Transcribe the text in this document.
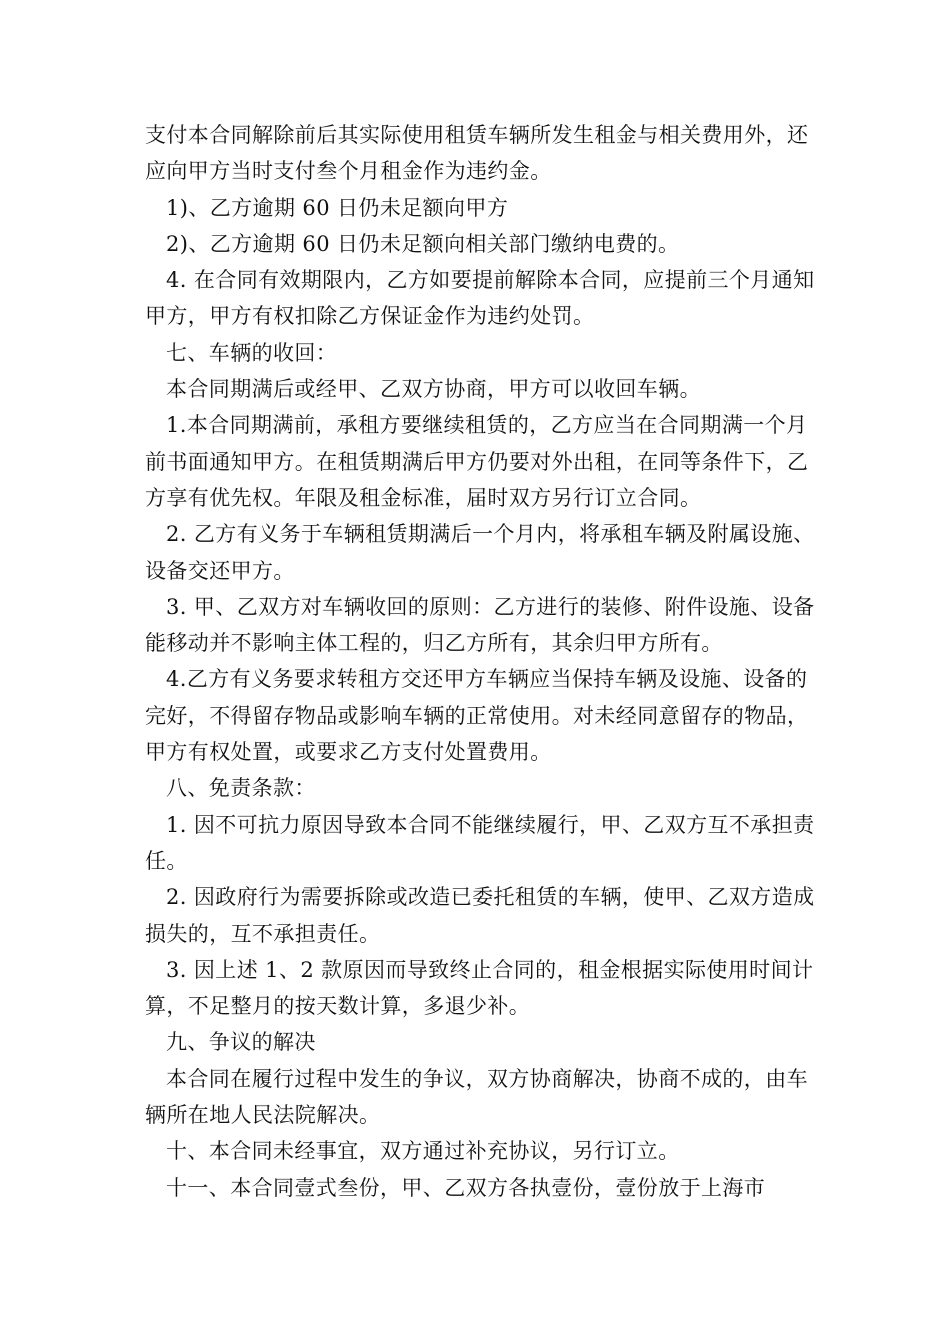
支付本合同解除前后其实际使用租赁车辆所发生租金与相关费用外，还应向甲方当时支付叁个月租金作为违约金。

1)、乙方逾期 60 日仍未足额向甲方

2)、乙方逾期 60 日仍未足额向相关部门缴纳电费的。

4. 在合同有效期限内，乙方如要提前解除本合同，应提前三个月通知甲方，甲方有权扣除乙方保证金作为违约处罚。

七、车辆的收回：

本合同期满后或经甲、乙双方协商，甲方可以收回车辆。

1.本合同期满前，承租方要继续租赁的，乙方应当在合同期满一个月前书面通知甲方。在租赁期满后甲方仍要对外出租，在同等条件下，乙方享有优先权。年限及租金标准，届时双方另行订立合同。

2. 乙方有义务于车辆租赁期满后一个月内，将承租车辆及附属设施、设备交还甲方。

3. 甲、乙双方对车辆收回的原则：乙方进行的装修、附件设施、设备能移动并不影响主体工程的，归乙方所有，其余归甲方所有。

4.乙方有义务要求转租方交还甲方车辆应当保持车辆及设施、设备的完好，不得留存物品或影响车辆的正常使用。对未经同意留存的物品，甲方有权处置，或要求乙方支付处置费用。

八、免责条款：

1. 因不可抗力原因导致本合同不能继续履行，甲、乙双方互不承担责任。

2. 因政府行为需要拆除或改造已委托租赁的车辆，使甲、乙双方造成损失的，互不承担责任。

3. 因上述 1、2 款原因而导致终止合同的，租金根据实际使用时间计算，不足整月的按天数计算，多退少补。

九、争议的解决

本合同在履行过程中发生的争议，双方协商解决，协商不成的，由车辆所在地人民法院解决。

十、本合同未经事宜，双方通过补充协议，另行订立。

十一、本合同壹式叁份，甲、乙双方各执壹份，壹份放于上海市
